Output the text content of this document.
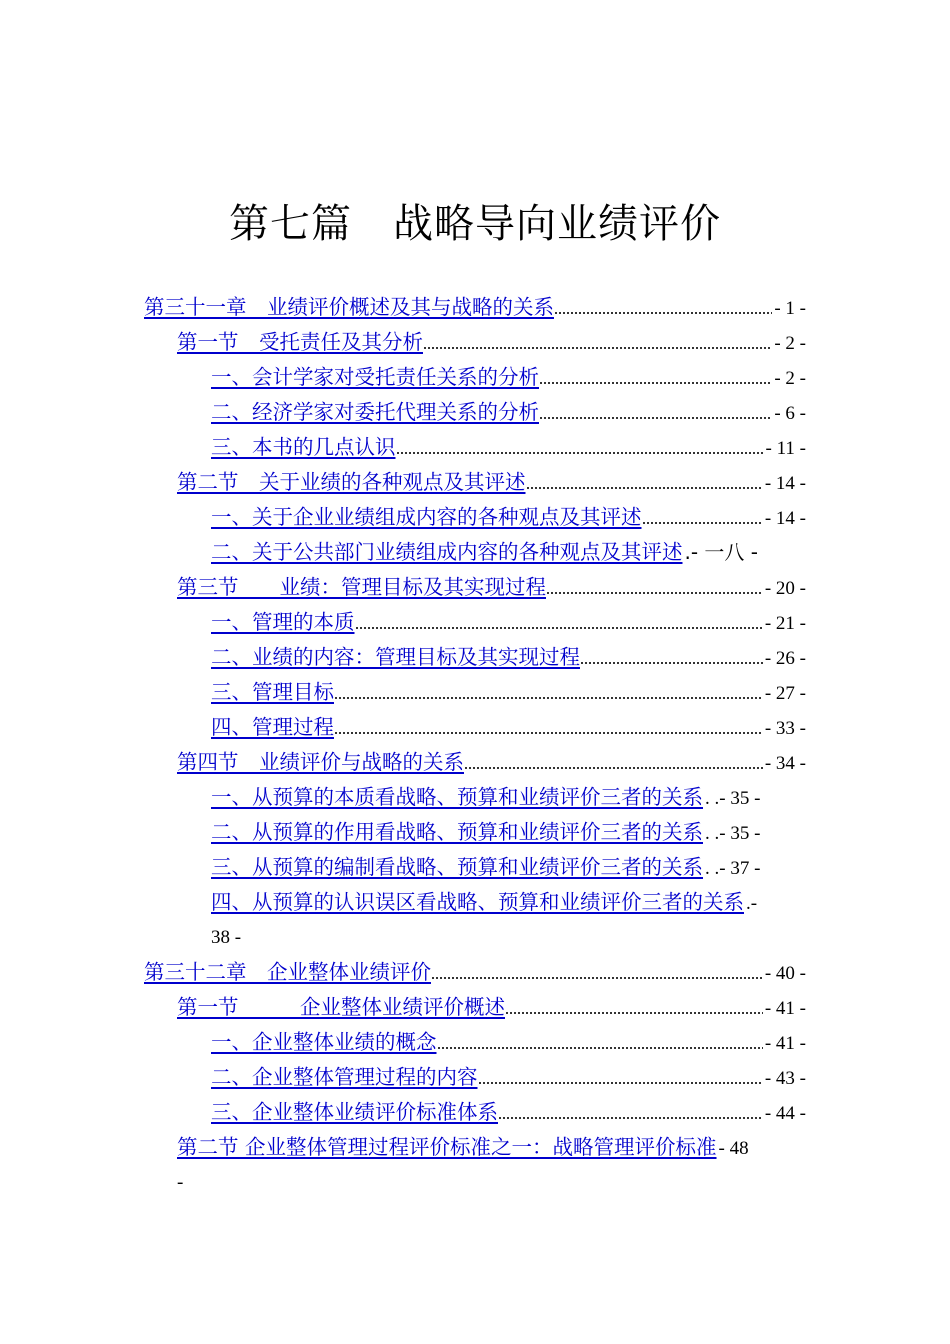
第七篇　战略导向业绩评价
第三十一章　业绩评价概述及其与战略的关系	- 1 -
第一节　受托责任及其分析	- 2 -
一、会计学家对受托责任关系的分析	- 2 -
二、经济学家对委托代理关系的分析	- 6 -
三、本书的几点认识	- 11 -
第二节　关于业绩的各种观点及其评述	- 14 -
一、关于企业业绩组成内容的各种观点及其评述	- 14 -
二、关于公共部门业绩组成内容的各种观点及其评述 .- 一八 -
第三节　　业绩：管理目标及其实现过程	- 20 -
一、管理的本质	- 21 -
二、业绩的内容：管理目标及其实现过程	- 26 -
三、管理目标	- 27 -
四、管理过程	- 33 -
第四节　业绩评价与战略的关系	- 34 -
一、从预算的本质看战略、预算和业绩评价三者的关系 . .- 35 -
二、从预算的作用看战略、预算和业绩评价三者的关系 . .- 35 -
三、从预算的编制看战略、预算和业绩评价三者的关系 . .- 37 -
四、从预算的认识误区看战略、预算和业绩评价三者的关系 .-
38 -
第三十二章　企业整体业绩评价	- 40 -
第一节　　　企业整体业绩评价概述	- 41 -
一、企业整体业绩的概念	- 41 -
二、企业整体管理过程的内容	- 43 -
三、企业整体业绩评价标准体系	- 44 -
第二节 企业整体管理过程评价标准之一：战略管理评价标准 - 48
-
